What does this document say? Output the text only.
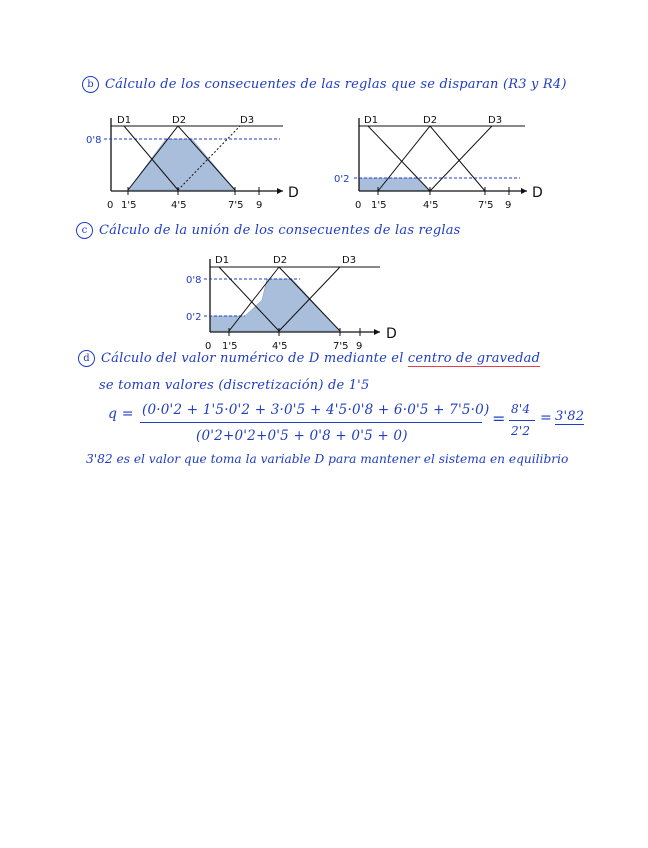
b Cálculo de los consecuentes de las reglas que se disparan (R3 y R4)
D1	D2	D3
0'8
0 1'5	4'5	7'5 9
D
D1	D2	D3
0'2
0 1'5	4'5	7'5 9
D
c Cálculo de la unión de los consecuentes de las reglas
D1	D2	D3
0'8
0'2
0 1'5	4'5	7'5 9
D
d Cálculo del valor numérico de D mediante el centro de gravedad
se toman valores (discretización) de 1'5
q = (0·0'2 + 1'5·0'2 + 3·0'5 + 4'5·0'8 + 6·0'5 + 7'5·0)
(0'2+0'2+0'5 + 0'8 + 0'5 + 0)
= 8'4
2'2
= 3'82
3'82 es el valor que toma la variable D para mantener el sistema en equilibrio
